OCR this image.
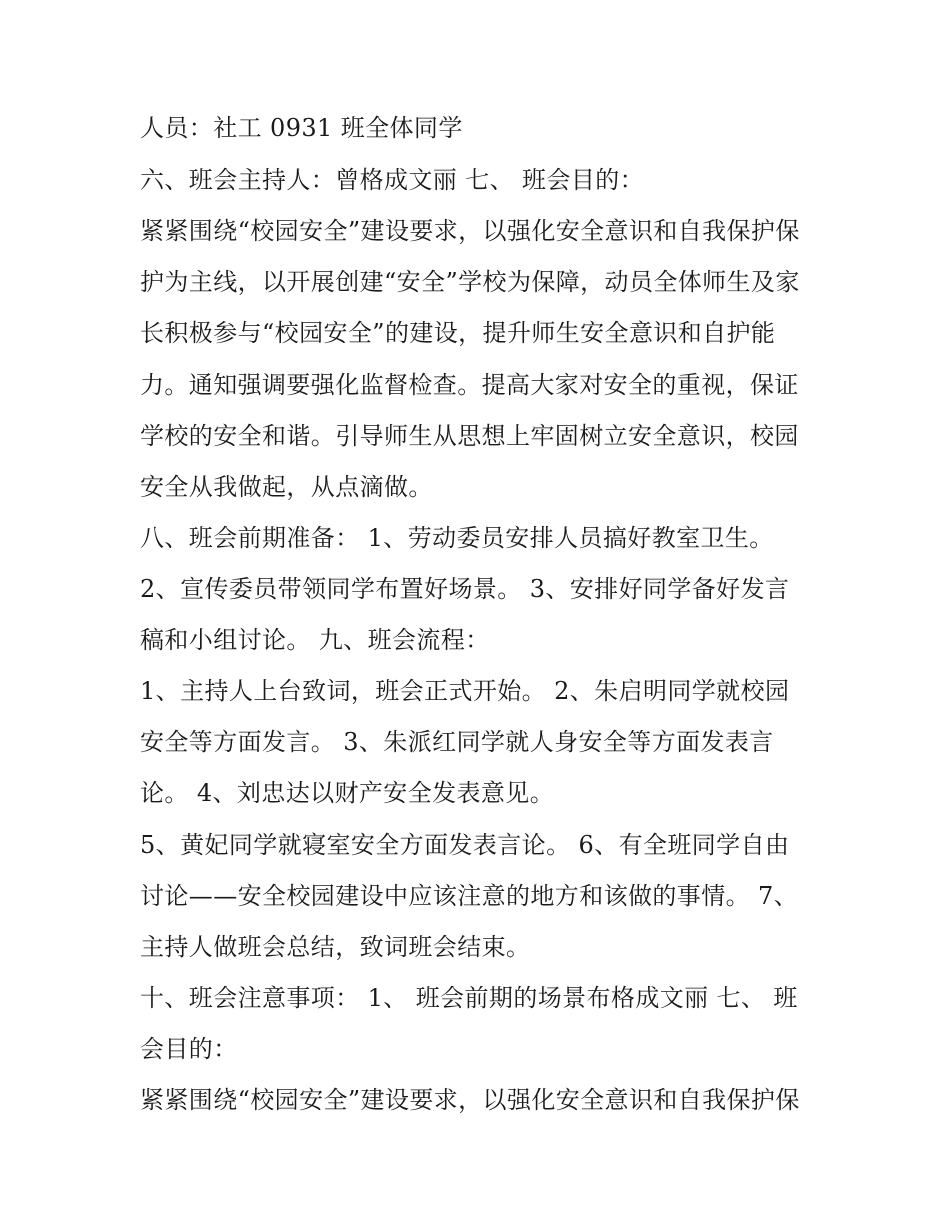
人员：社工 0931 班全体同学
六、班会主持人：曾格成文丽 七、 班会目的：
紧紧围绕“校园安全”建设要求，以强化安全意识和自我保护保
护为主线，以开展创建“安全”学校为保障，动员全体师生及家
长积极参与“校园安全”的建设，提升师生安全意识和自护能
力。通知强调要强化监督检查。提高大家对安全的重视，保证
学校的安全和谐。引导师生从思想上牢固树立安全意识，校园
安全从我做起，从点滴做。
八、班会前期准备： 1、劳动委员安排人员搞好教室卫生。
2、宣传委员带领同学布置好场景。 3、安排好同学备好发言
稿和小组讨论。 九、班会流程：
1、主持人上台致词，班会正式开始。 2、朱启明同学就校园
安全等方面发言。 3、朱派红同学就人身安全等方面发表言
论。 4、刘忠达以财产安全发表意见。
5、黄妃同学就寝室安全方面发表言论。 6、有全班同学自由
讨论——安全校园建设中应该注意的地方和该做的事情。 7、
主持人做班会总结，致词班会结束。
十、班会注意事项： 1、 班会前期的场景布格成文丽 七、 班
会目的：
紧紧围绕“校园安全”建设要求，以强化安全意识和自我保护保
